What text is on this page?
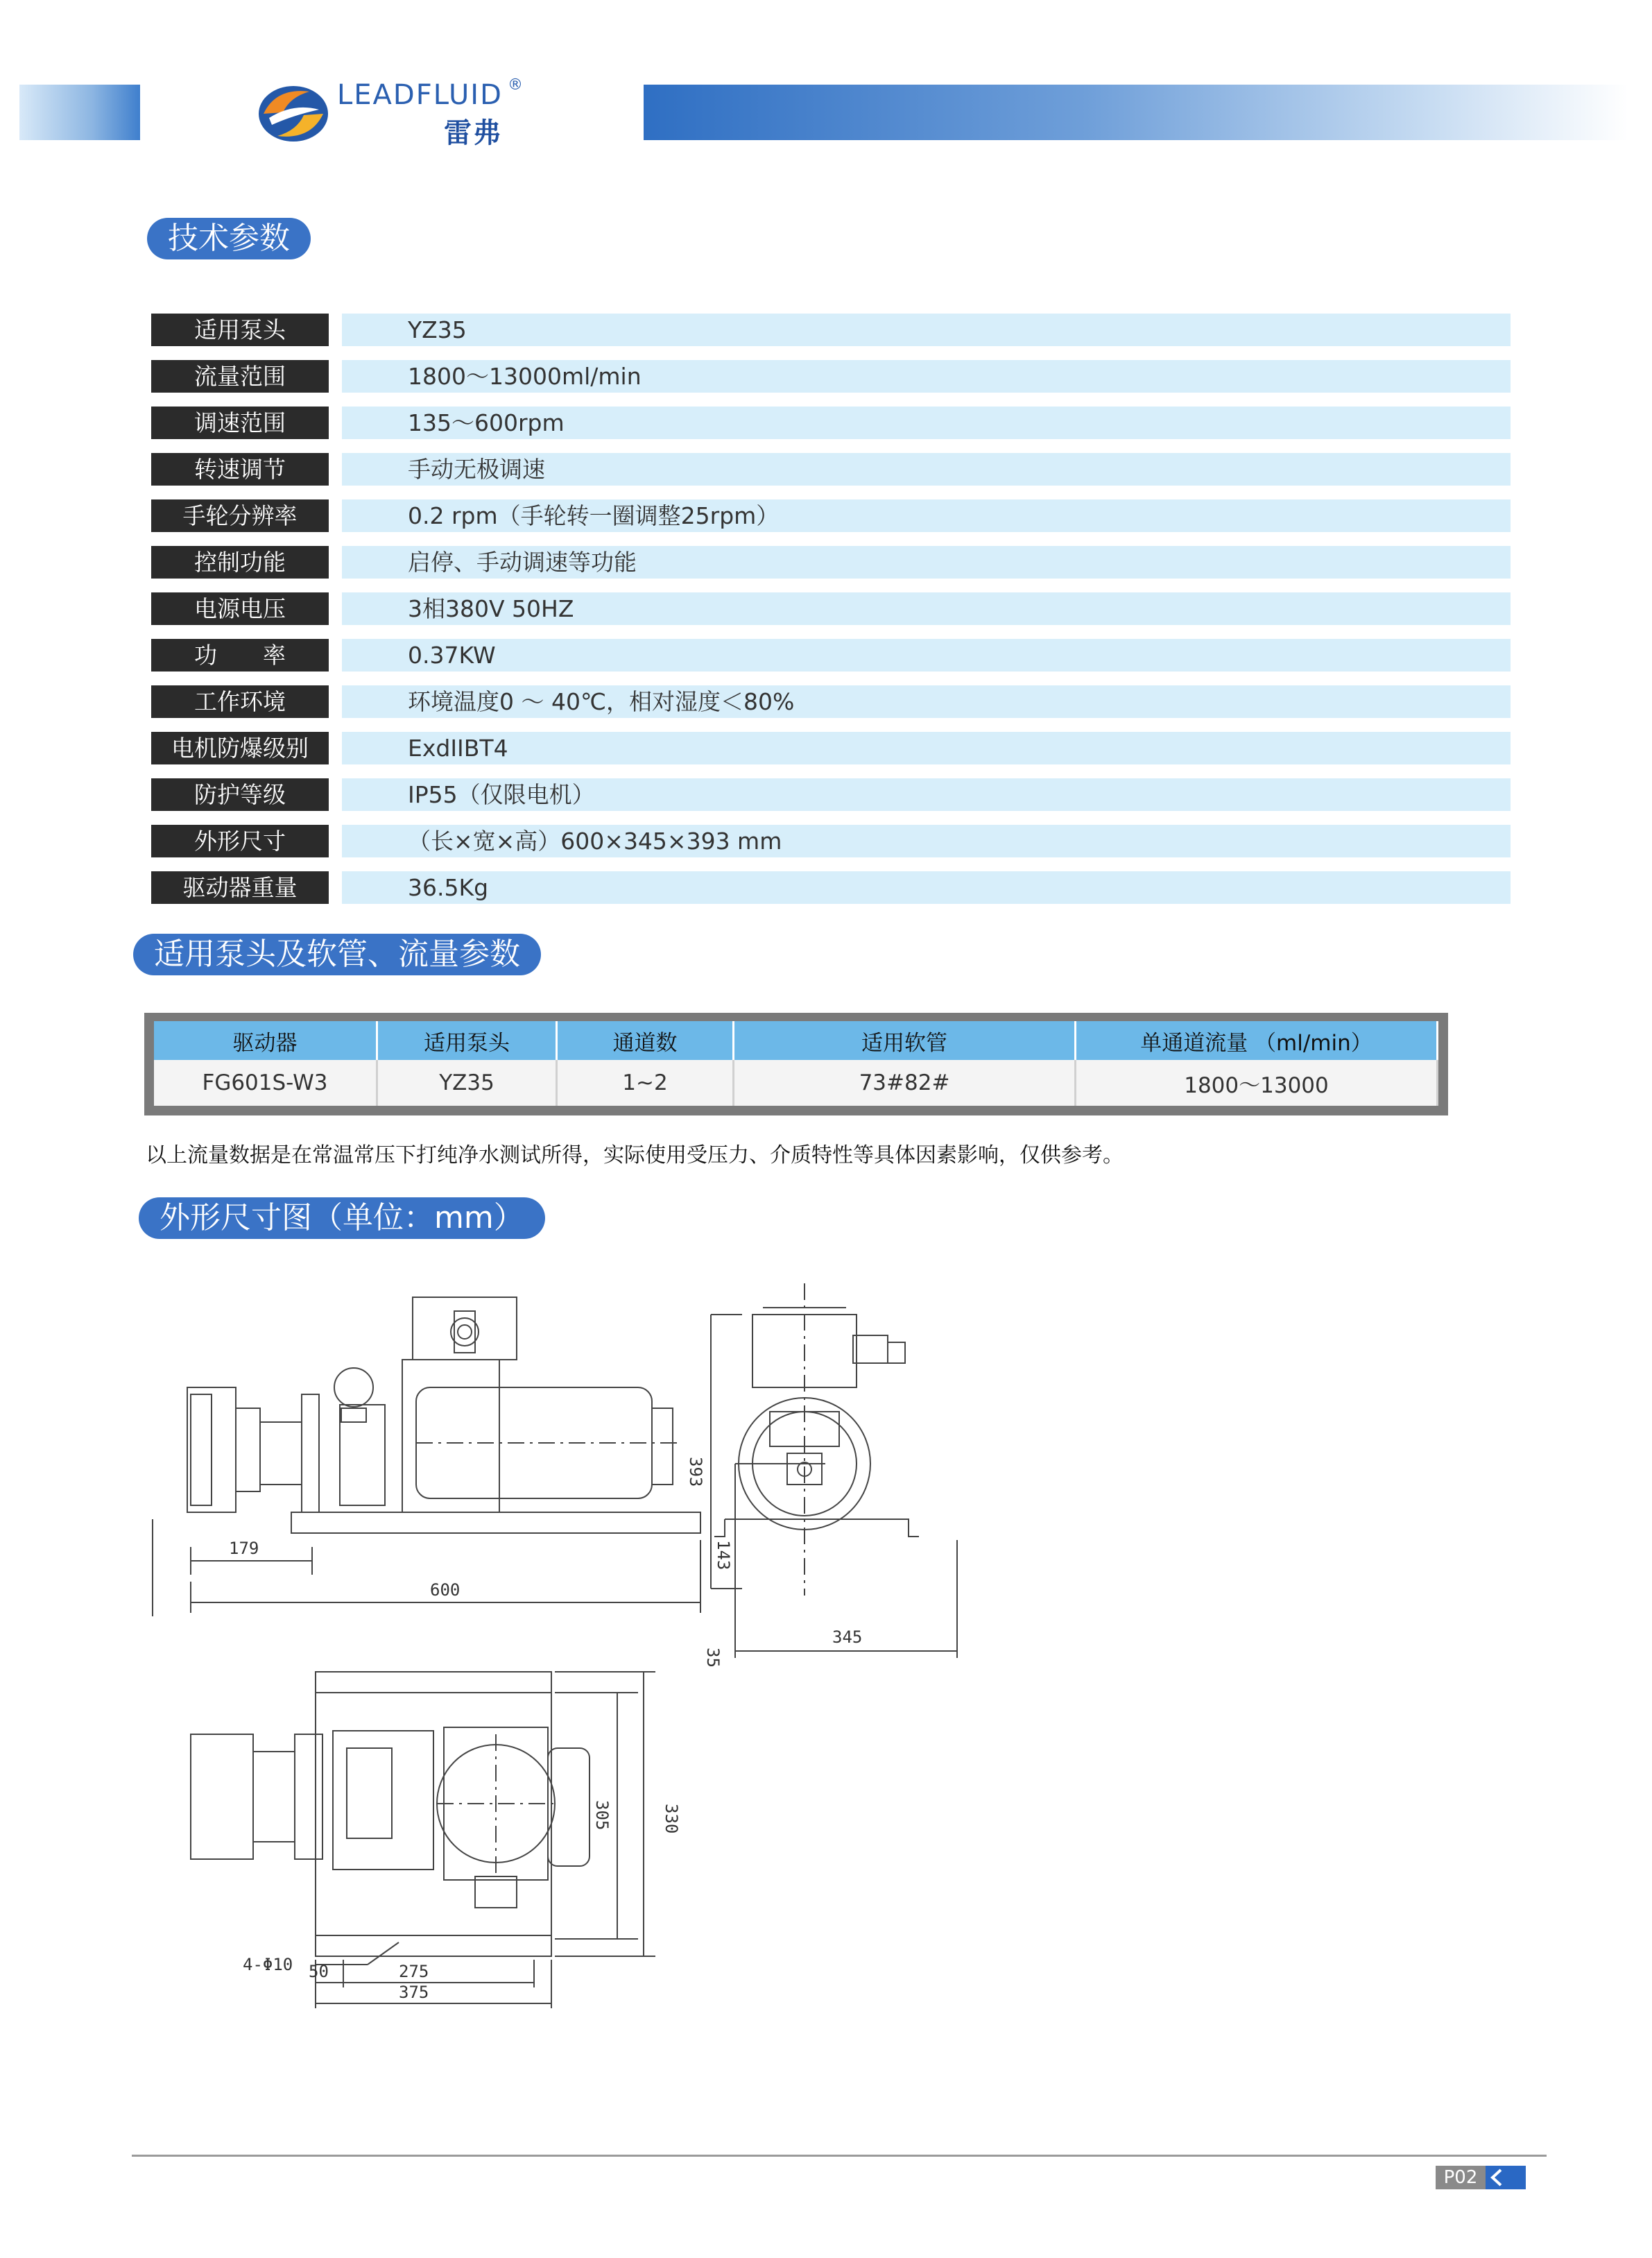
LEADFLUID ®
雷弗
技术参数
适用泵头	YZ35
流量范围	1800～13000ml/min
调速范围	135～600rpm
转速调节	手动无极调速
手轮分辨率	0.2 rpm（手轮转一圈调整25rpm）
控制功能	启停、手动调速等功能
电源电压	3相380V 50HZ
功　　率	0.37KW
工作环境	环境温度0 ～ 40℃，相对湿度＜80%
电机防爆级别	ExdIIBT4
防护等级	IP55（仅限电机）
外形尺寸	（长×宽×高）600×345×393 mm
驱动器重量	36.5Kg
适用泵头及软管、流量参数
驱动器	适用泵头	通道数	适用软管	单通道流量 （ml/min）
FG601S-W3	YZ35	1~2	73#82#	1800～13000
以上流量数据是在常温常压下打纯净水测试所得，实际使用受压力、介质特性等具体因素影响，仅供参考。
外形尺寸图（单位：mm）
179
600
393
143
35
345
305	330
4-Φ10 50	275
375
P02
